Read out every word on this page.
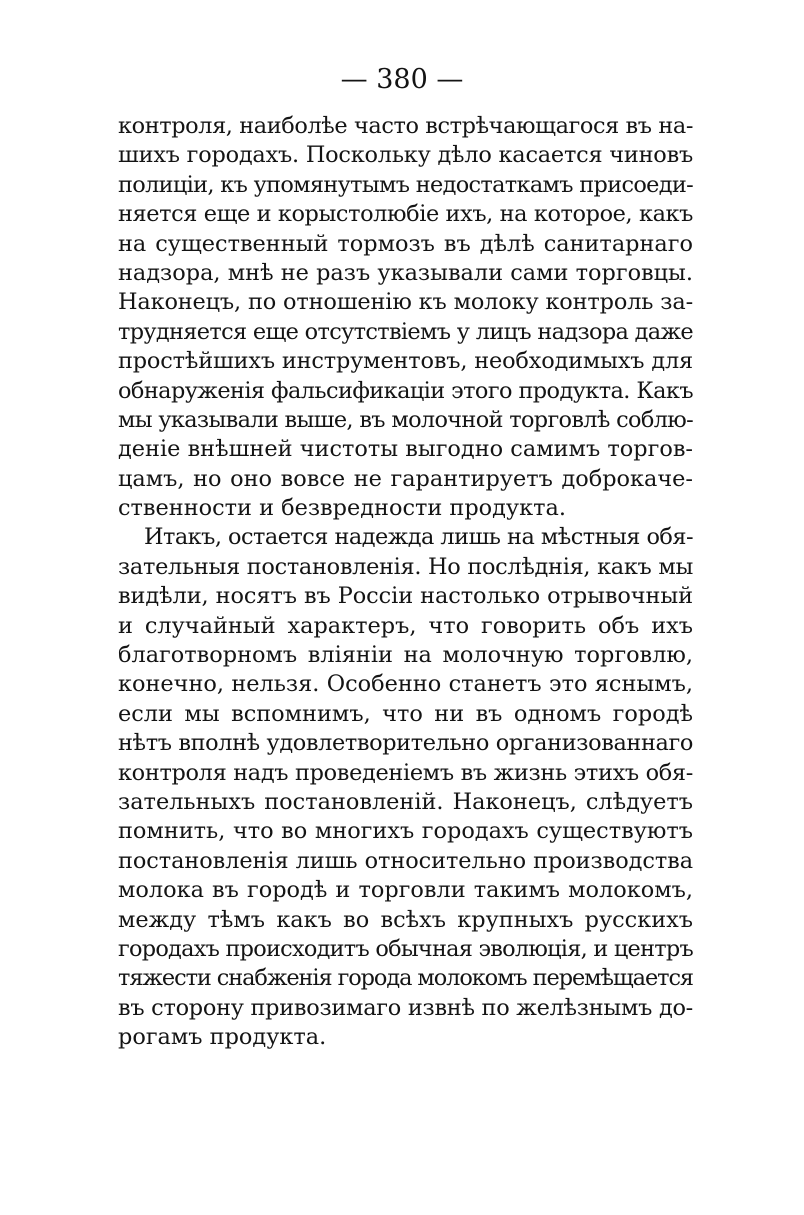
— 380 —
контроля, наиболѣе часто встрѣчающагося въ на-
шихъ городахъ. Поскольку дѣло касается чиновъ
полиціи, къ упомянутымъ недостаткамъ присоеди-
няется еще и корыстолюбіе ихъ, на которое, какъ
на существенный тормозъ въ дѣлѣ санитарнаго
надзора, мнѣ не разъ указывали сами торговцы.
Наконецъ, по отношенію къ молоку контроль за-
трудняется еще отсутствіемъ у лицъ надзора даже
простѣйшихъ инструментовъ, необходимыхъ для
обнаруженія фальсификаціи этого продукта. Какъ
мы указывали выше, въ молочной торговлѣ соблю-
деніе внѣшней чистоты выгодно самимъ торгов-
цамъ, но оно вовсе не гарантируетъ доброкаче-
ственности и безвредности продукта.
Итакъ, остается надежда лишь на мѣстныя обя-
зательныя постановленія. Но послѣднія, какъ мы
видѣли, носятъ въ Россіи настолько отрывочный
и случайный характеръ, что говорить объ ихъ
благотворномъ вліяніи на молочную торговлю,
конечно, нельзя. Особенно станетъ это яснымъ,
если мы вспомнимъ, что ни въ одномъ городѣ
нѣтъ вполнѣ удовлетворительно организованнаго
контроля надъ проведеніемъ въ жизнь этихъ обя-
зательныхъ постановленій. Наконецъ, слѣдуетъ
помнить, что во многихъ городахъ существуютъ
постановленія лишь относительно производства
молока въ городѣ и торговли такимъ молокомъ,
между тѣмъ какъ во всѣхъ крупныхъ русскихъ
городахъ происходитъ обычная эволюція, и центръ
тяжести снабженія города молокомъ перемѣщается
въ сторону привозимаго извнѣ по желѣзнымъ до-
рогамъ продукта.
